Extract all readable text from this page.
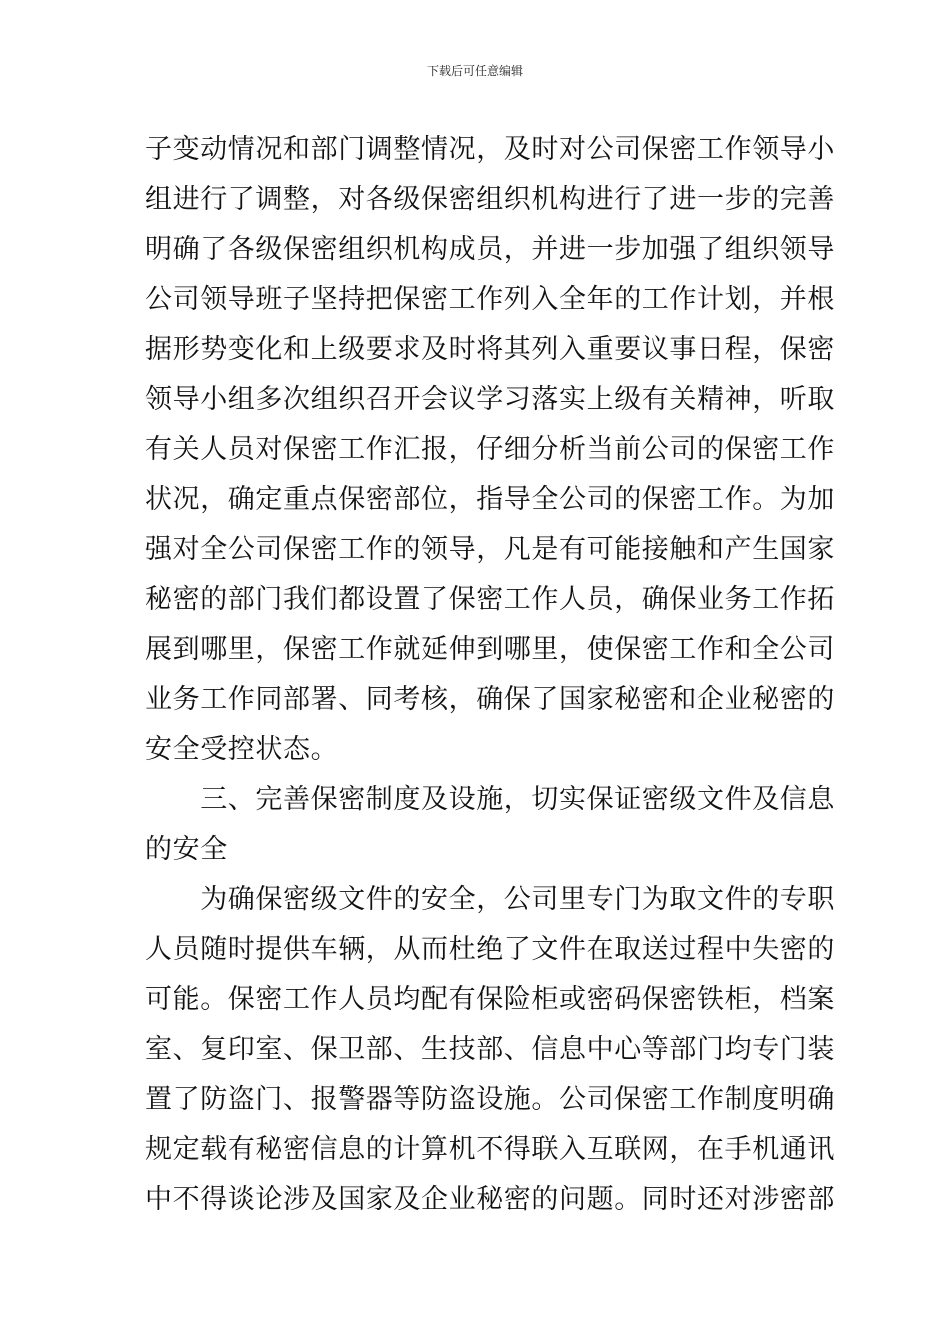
下载后可任意编辑
子变动情况和部门调整情况，及时对公司保密工作领导小
组进行了调整，对各级保密组织机构进行了进一步的完善
明确了各级保密组织机构成员，并进一步加强了组织领导
公司领导班子坚持把保密工作列入全年的工作计划，并根
据形势变化和上级要求及时将其列入重要议事日程，保密
领导小组多次组织召开会议学习落实上级有关精神，听取
有关人员对保密工作汇报，仔细分析当前公司的保密工作
状况，确定重点保密部位，指导全公司的保密工作。为加
强对全公司保密工作的领导，凡是有可能接触和产生国家
秘密的部门我们都设置了保密工作人员，确保业务工作拓
展到哪里，保密工作就延伸到哪里，使保密工作和全公司
业务工作同部署、同考核，确保了国家秘密和企业秘密的
安全受控状态。
　　三、完善保密制度及设施，切实保证密级文件及信息
的安全
　　为确保密级文件的安全，公司里专门为取文件的专职
人员随时提供车辆，从而杜绝了文件在取送过程中失密的
可能。保密工作人员均配有保险柜或密码保密铁柜，档案
室、复印室、保卫部、生技部、信息中心等部门均专门装
置了防盗门、报警器等防盗设施。公司保密工作制度明确
规定载有秘密信息的计算机不得联入互联网，在手机通讯
中不得谈论涉及国家及企业秘密的问题。同时还对涉密部
